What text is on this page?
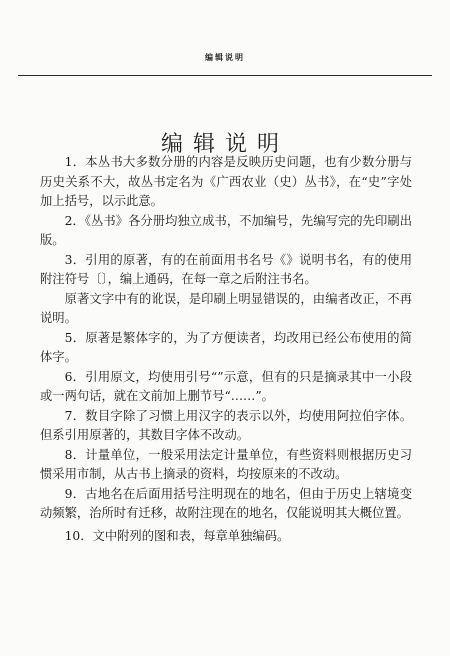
编辑说明
编辑说明

1．本丛书大多数分册的内容是反映历史问题，也有少数分册与历史关系不大，故丛书定名为《广西农业（史）丛书》，在“史”字处加上括号，以示此意。

2．《丛书》各分册均独立成书，不加编号，先编写完的先印刷出版。

3．引用的原著，有的在前面用书名号《》说明书名，有的使用附注符号〔〕，编上通码，在每一章之后附注书名。

原著文字中有的讹误，是印刷上明显错误的，由编者改正，不再说明。

5．原著是繁体字的，为了方便读者，均改用已经公布使用的简体字。

6．引用原文，均使用引号“”示意，但有的只是摘录其中一小段或一两句话，就在文前加上删节号“……”。

7．数目字除了习惯上用汉字的表示以外，均使用阿拉伯字体。但系引用原著的，其数目字体不改动。

8．计量单位，一般采用法定计量单位，有些资料则根据历史习惯采用市制，从古书上摘录的资料，均按原来的不改动。

9．古地名在后面用括号注明现在的地名，但由于历史上辖境变动频繁，治所时有迁移，故附注现在的地名，仅能说明其大概位置。

10．文中附列的图和表，每章单独编码。
